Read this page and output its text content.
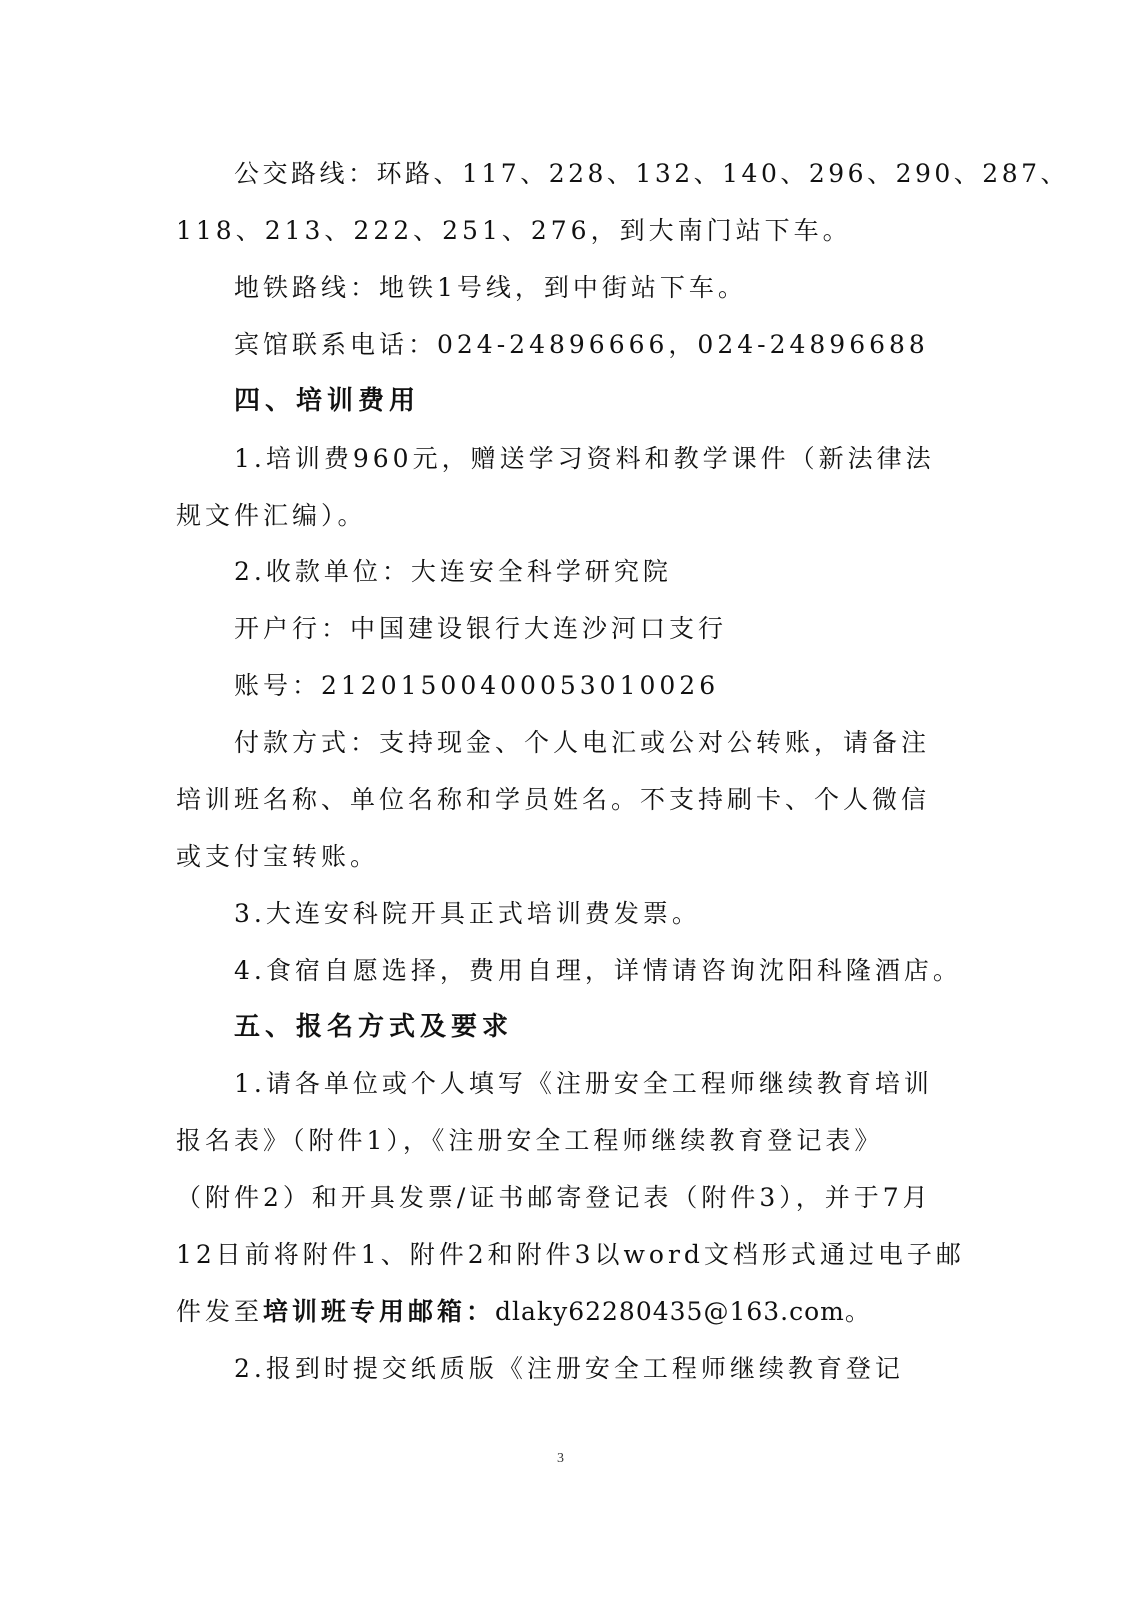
公交路线：环路、117、228、132、140、296、290、287、
118、213、222、251、276，到大南门站下车。
地铁路线：地铁1号线，到中街站下车。
宾馆联系电话：024-24896666，024-24896688
四、培训费用
1.培训费960元，赠送学习资料和教学课件（新法律法
规文件汇编）。
2.收款单位：大连安全科学研究院
开户行：中国建设银行大连沙河口支行
账号：21201500400053010026
付款方式：支持现金、个人电汇或公对公转账，请备注
培训班名称、单位名称和学员姓名。不支持刷卡、个人微信
或支付宝转账。
3.大连安科院开具正式培训费发票。
4.食宿自愿选择，费用自理，详情请咨询沈阳科隆酒店。
五、报名方式及要求
1.请各单位或个人填写《注册安全工程师继续教育培训
报名表》（附件1），《注册安全工程师继续教育登记表》
（附件2）和开具发票/证书邮寄登记表（附件3），并于7月
12日前将附件1、附件2和附件3以word文档形式通过电子邮
件发至培训班专用邮箱：dlaky62280435@163.com。
2.报到时提交纸质版《注册安全工程师继续教育登记
3
